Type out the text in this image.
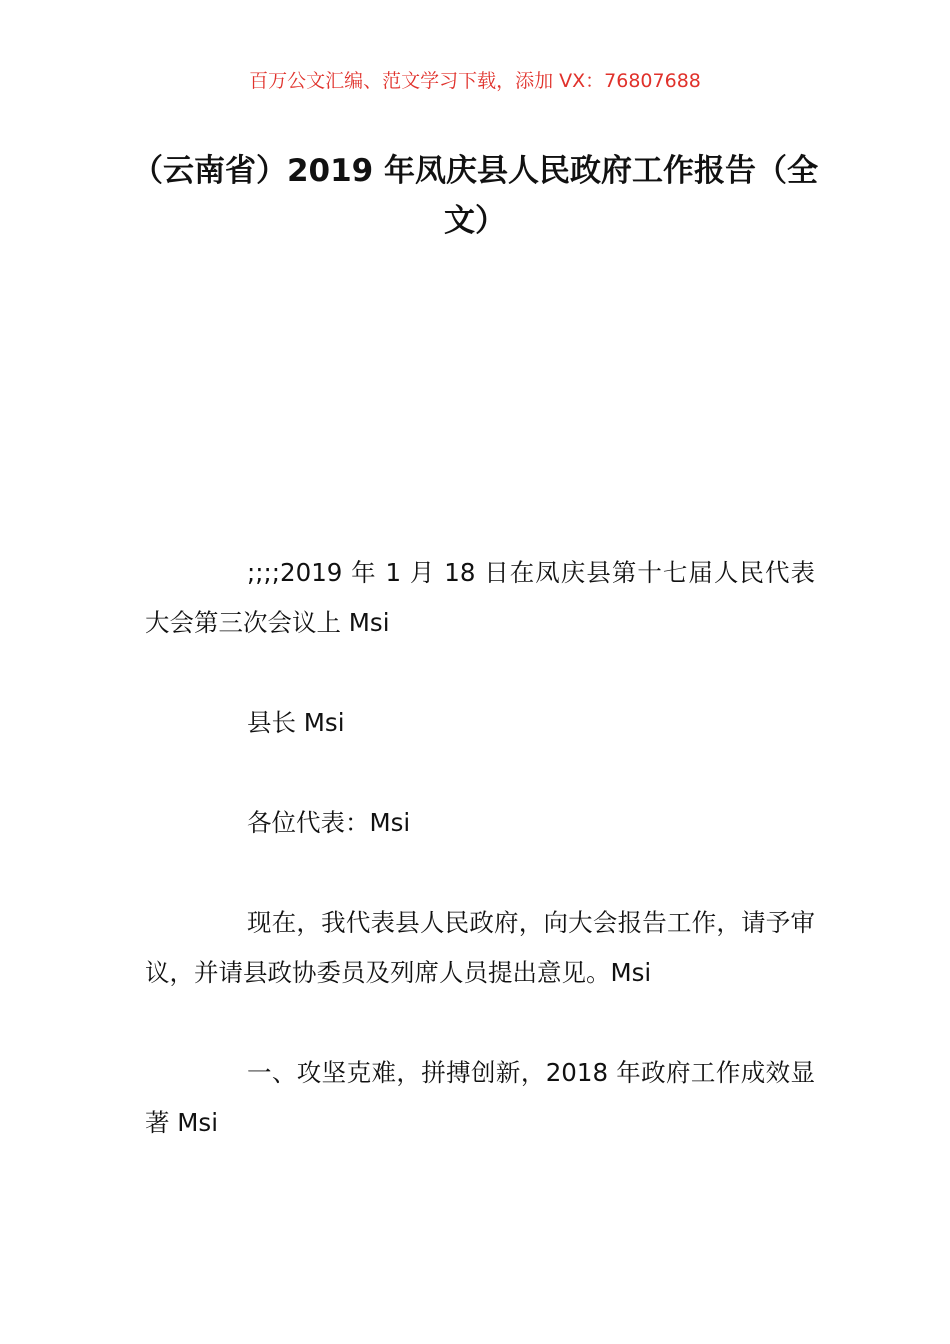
百万公文汇编、范文学习下载，添加 VX：76807688
（云南省）2019 年凤庆县人民政府工作报告（全文）

;;;;2019 年 1 月 18 日在凤庆县第十七届人民代表大会第三次会议上 Msi

县长 Msi

各位代表：Msi

现在，我代表县人民政府，向大会报告工作，请予审议，并请县政协委员及列席人员提出意见。Msi

一、攻坚克难，拼搏创新，2018 年政府工作成效显著 Msi
